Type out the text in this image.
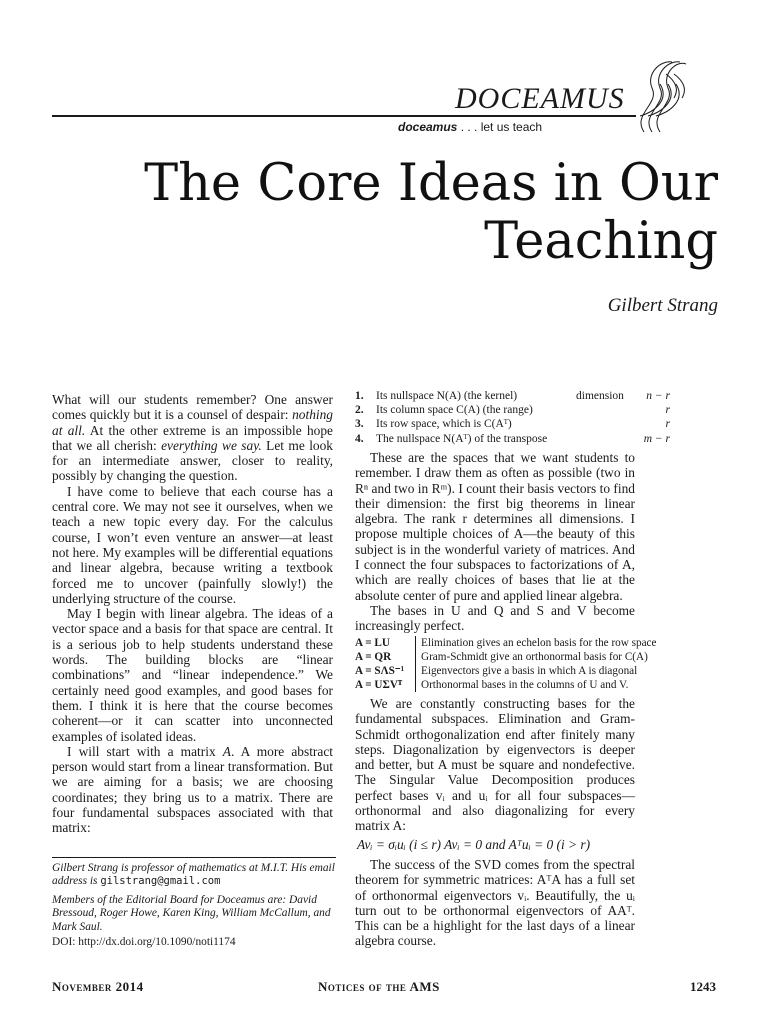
DOCEAMUS
doceamus . . . let us teach
The Core Ideas in Our
Teaching
Gilbert Strang

What will our students remember? One answer comes quickly but it is a counsel of despair: nothing at all. At the other extreme is an impossible hope that we all cherish: everything we say. Let me look for an intermediate answer, closer to reality, possibly by changing the question.

I have come to believe that each course has a central core. We may not see it ourselves, when we teach a new topic every day. For the calculus course, I won’t even venture an answer—at least not here. My examples will be differential equations and linear algebra, because writing a textbook forced me to uncover (painfully slowly!) the underlying structure of the course.

May I begin with linear algebra. The ideas of a vector space and a basis for that space are central. It is a serious job to help students understand these words. The building blocks are “linear combinations” and “linear independence.” We certainly need good examples, and good bases for them. I think it is here that the course becomes coherent—or it can scatter into unconnected examples of isolated ideas.

I will start with a matrix A. A more abstract person would start from a linear transformation. But we are aiming for a basis; we are choosing coordinates; they bring us to a matrix. There are four fundamental subspaces associated with that matrix:

1. Its nullspace N(A) (the kernel)	dimension n − r
2. Its column space C(A) (the range)	r
3. Its row space, which is C(Aᵀ)	r
4. The nullspace N(Aᵀ) of the transpose	m − r

These are the spaces that we want students to remember. I draw them as often as possible (two in Rⁿ and two in Rᵐ). I count their basis vectors to find their dimension: the first big theorems in linear algebra. The rank r determines all dimensions. I propose multiple choices of A—the beauty of this subject is in the wonderful variety of matrices. And I connect the four subspaces to factorizations of A, which are really choices of bases that lie at the absolute center of pure and applied linear algebra.

The bases in U and Q and S and V become increasingly perfect.

A = LU	Elimination gives an echelon basis for the row space
A = QR	Gram-Schmidt give an orthonormal basis for C(A)
A = SΛS⁻¹	Eigenvectors give a basis in which A is diagonal
A = UΣVᵀ	Orthonormal bases in the columns of U and V.

We are constantly constructing bases for the fundamental subspaces. Elimination and Gram-Schmidt orthogonalization end after finitely many steps. Diagonalization by eigenvectors is deeper and better, but A must be square and nondefective. The Singular Value Decomposition produces perfect bases vᵢ and uᵢ for all four subspaces—orthonormal and also diagonalizing for every matrix A:

Avᵢ = σᵢuᵢ (i ≤ r) Avᵢ = 0 and Aᵀuᵢ = 0 (i > r)

The success of the SVD comes from the spectral theorem for symmetric matrices: AᵀA has a full set of orthonormal eigenvectors vᵢ. Beautifully, the uᵢ turn out to be orthonormal eigenvectors of AAᵀ. This can be a highlight for the last days of a linear algebra course.

Gilbert Strang is professor of mathematics at M.I.T. His email address is gilstrang@gmail.com
Members of the Editorial Board for Doceamus are: David Bressoud, Roger Howe, Karen King, William McCallum, and Mark Saul.
DOI: http://dx.doi.org/10.1090/noti1174
November 2014	Notices of the AMS	1243
